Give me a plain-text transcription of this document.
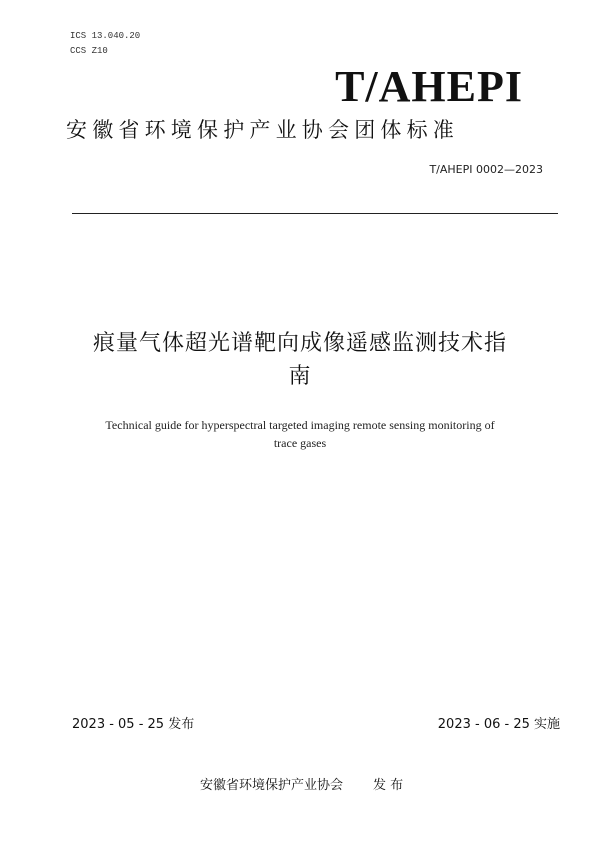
ICS 13.040.20
CCS Z10
T/AHEPI
安徽省环境保护产业协会团体标准
T/AHEPI 0002—2023
痕量气体超光谱靶向成像遥感监测技术指
南
Technical guide for hyperspectral targeted imaging remote sensing monitoring of
trace gases
2023 - 05 - 25 发布	2023 - 06 - 25 实施
安徽省环境保护产业协会 发 布
